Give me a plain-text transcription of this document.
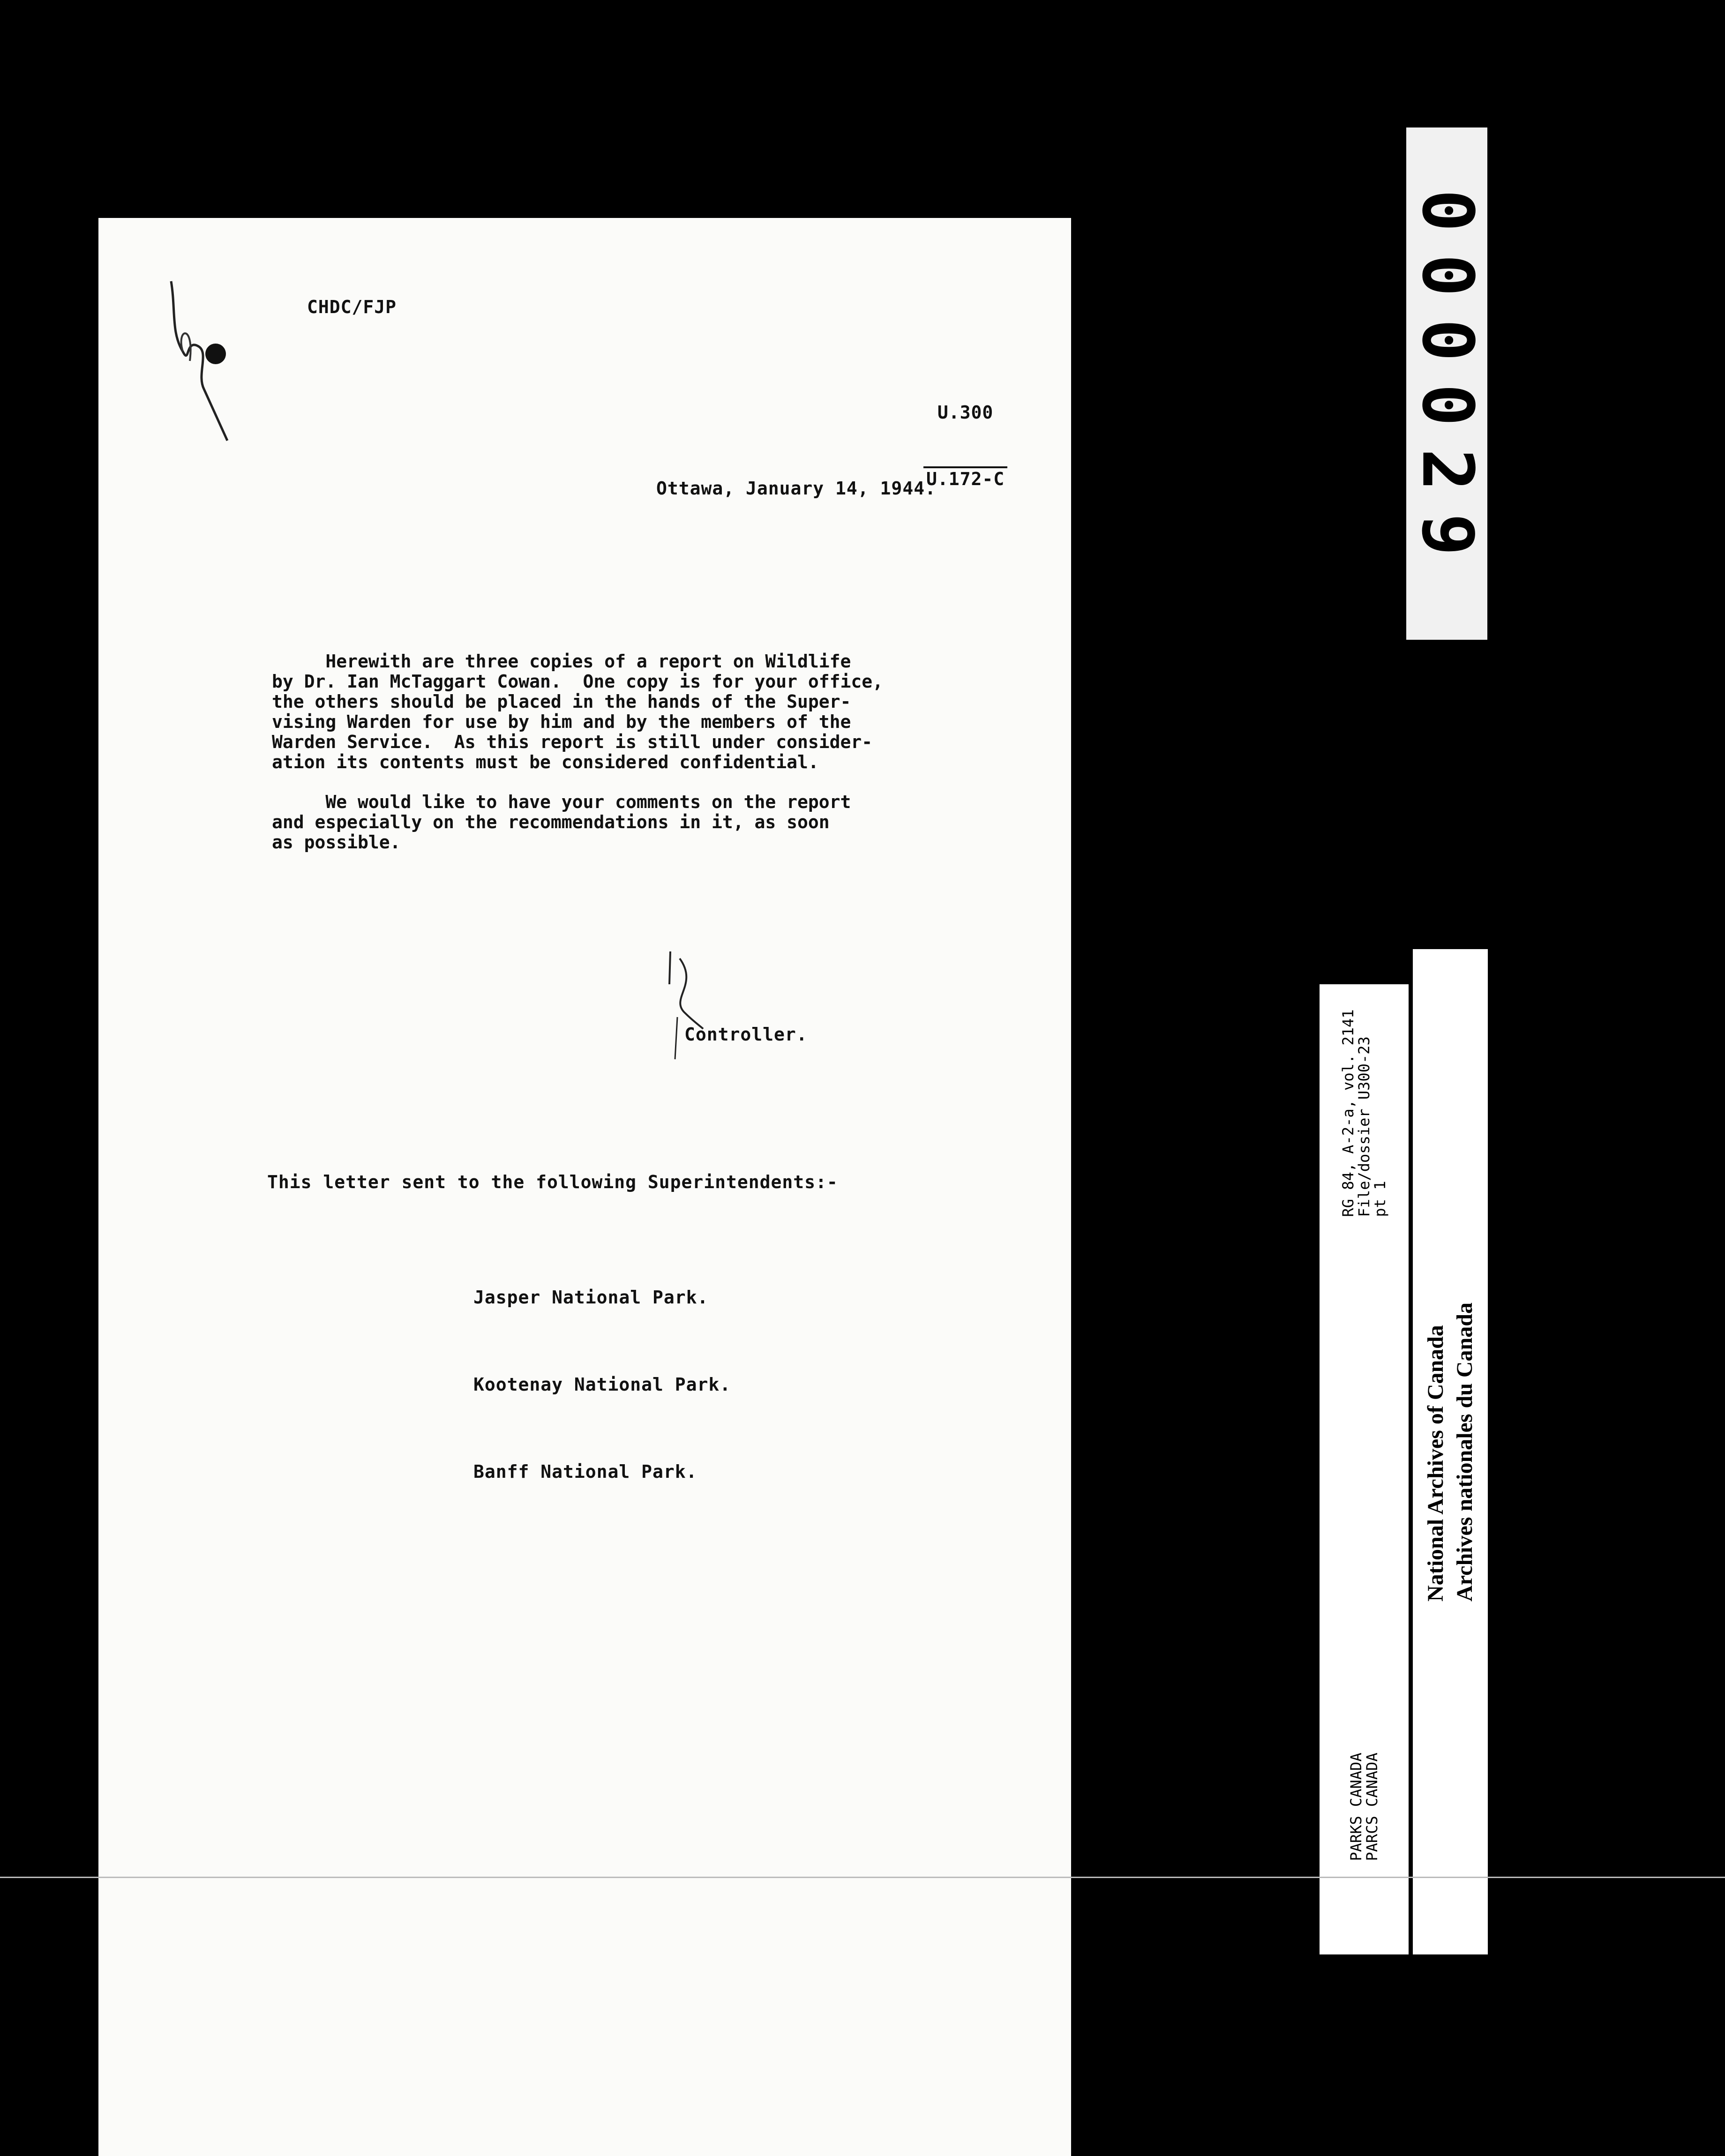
CHDC/FJP

U.300

U.172-C

Ottawa, January 14, 1944.

Herewith are three copies of a report on Wildlife
by Dr. Ian McTaggart Cowan.  One copy is for your office,
the others should be placed in the hands of the Super-
vising Warden for use by him and by the members of the
Warden Service.  As this report is still under consider-
ation its contents must be considered confidential.

We would like to have your comments on the report
and especially on the recommendations in it, as soon
as possible.

Controller.
This letter sent to the following Superintendents:-

Jasper National Park.

Kootenay National Park.

Banff National Park.

000029
RG 84, A-2-a, vol. 2141
File/dossier U300-23
pt 1
PARKS CANADA
PARCS CANADA
National Archives of Canada
Archives nationales du Canada
